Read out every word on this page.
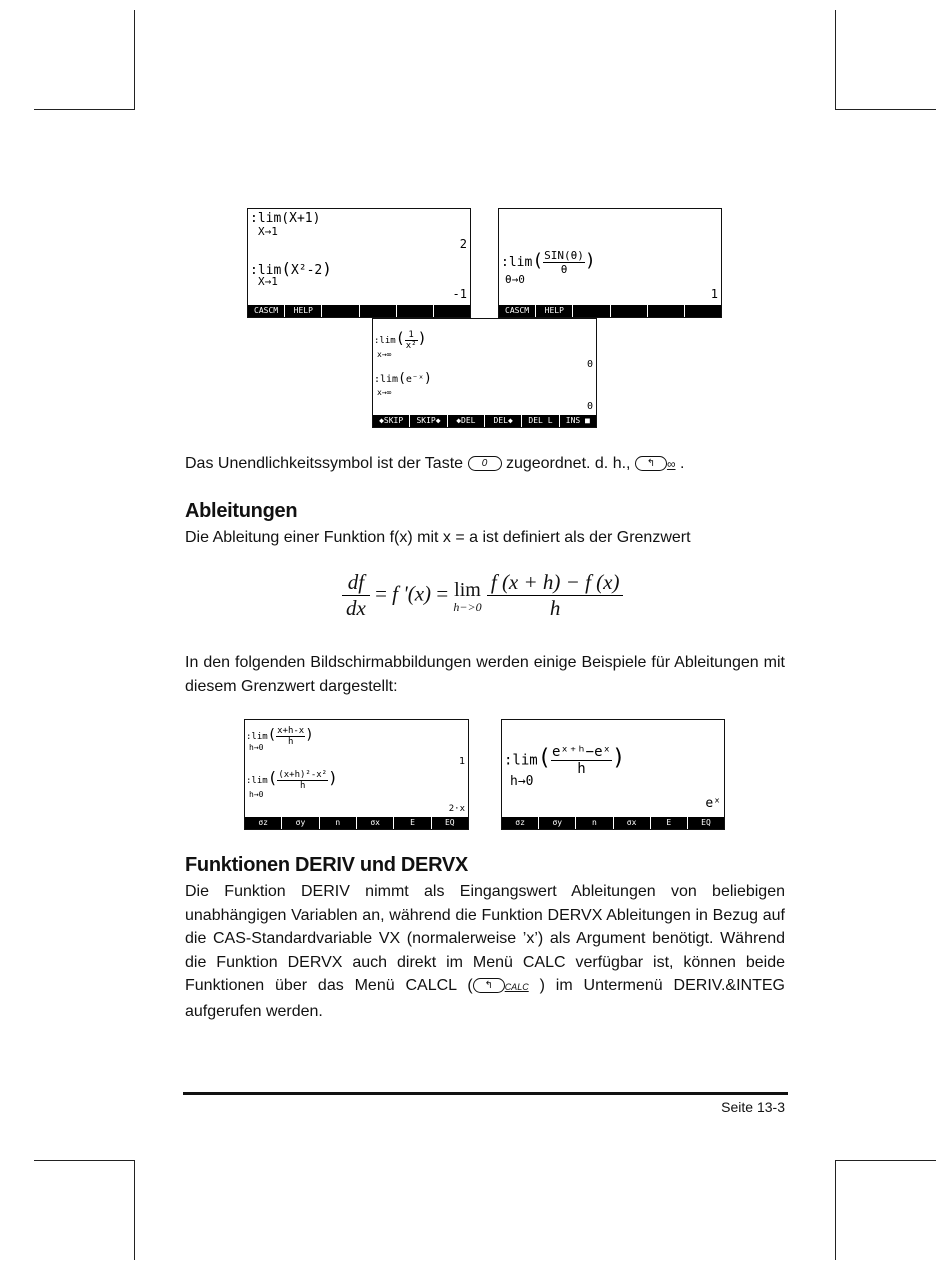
:lim(X+1)
X→1
2
:lim(X²-2)
X→1
-1
CASCM	HELP
:lim( $\frac{\text{SIN(θ)}}{\theta}$ )
θ→0
1
CASCM	HELP
:lim( $\frac{1}{\text{x²}}$ )
x→∞
0
:lim(e⁻ˣ)
x→∞
0
◆SKIP	SKIP◆	◆DEL	DEL◆	DEL L	INS ■
Das Unendlichkeitssymbol ist der Taste 0 zugeordnet. d. h., ↰ ∞ .
Ableitungen
Die Ableitung einer Funktion f(x) mit x = a ist definiert als der Grenzwert
$\frac{df}{dx} = f$ '(x) = lim
h−>0
$\frac{f (x + h) - f (x)}{h}$
In den folgenden Bildschirmabbildungen werden einige Beispiele für Ableitungen mit diesem Grenzwert dargestellt:
:lim( $\frac{x+h-x}{h}$ )
h→0
1
:lim( $\frac{\text{(x+h)²-x²}}{h}$ )
h→0
2·x
σz	σy	n	σx	E	EQ
:lim( $\frac{\text{eˣ⁺ʰ−eˣ}}{h}$ )
h→0
eˣ
σz	σy	n	σx	E	EQ
Funktionen DERIV und DERVX
Die Funktion DERIV nimmt als Eingangswert Ableitungen von beliebigen unabhängigen Variablen an, während die Funktion DERVX Ableitungen in Bezug auf die CAS-Standardvariable VX (normalerweise ’x’) als Argument benötigt. Während die Funktion DERVX auch direkt im Menü CALC verfügbar ist, können beide Funktionen über das Menü CALCL ( ↰ CALC ) im Untermenü DERIV.&INTEG aufgerufen werden.
Seite 13-3
